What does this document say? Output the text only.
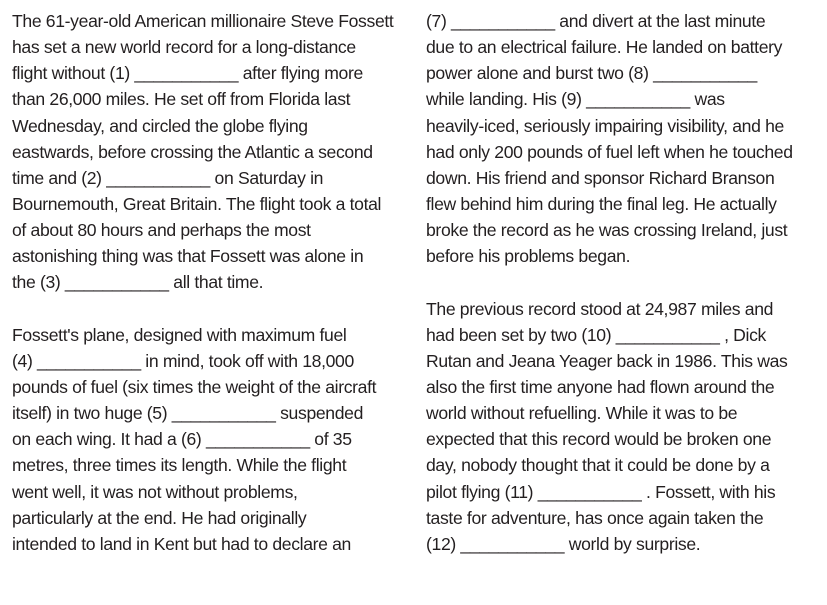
The 61-year-old American millionaire Steve Fossett
has set a new world record for a long-distance
flight without (1) ___________ after flying more
than 26,000 miles. He set off from Florida last
Wednesday, and circled the globe flying
eastwards, before crossing the Atlantic a second
time and (2) ___________ on Saturday in
Bournemouth, Great Britain. The flight took a total
of about 80 hours and perhaps the most
astonishing thing was that Fossett was alone in
the (3) ___________ all that time.
Fossett's plane, designed with maximum fuel
(4) ___________ in mind, took off with 18,000
pounds of fuel (six times the weight of the aircraft
itself) in two huge (5) ___________ suspended
on each wing. It had a (6) ___________ of 35
metres, three times its length. While the flight
went well, it was not without problems,
particularly at the end. He had originally
intended to land in Kent but had to declare an
(7) ___________ and divert at the last minute
due to an electrical failure. He landed on battery
power alone and burst two (8) ___________
while landing. His (9) ___________ was
heavily-iced, seriously impairing visibility, and he
had only 200 pounds of fuel left when he touched
down. His friend and sponsor Richard Branson
flew behind him during the final leg. He actually
broke the record as he was crossing Ireland, just
before his problems began.
The previous record stood at 24,987 miles and
had been set by two (10) ___________ , Dick
Rutan and Jeana Yeager back in 1986. This was
also the first time anyone had flown around the
world without refuelling. While it was to be
expected that this record would be broken one
day, nobody thought that it could be done by a
pilot flying (11) ___________ . Fossett, with his
taste for adventure, has once again taken the
(12) ___________ world by surprise.
